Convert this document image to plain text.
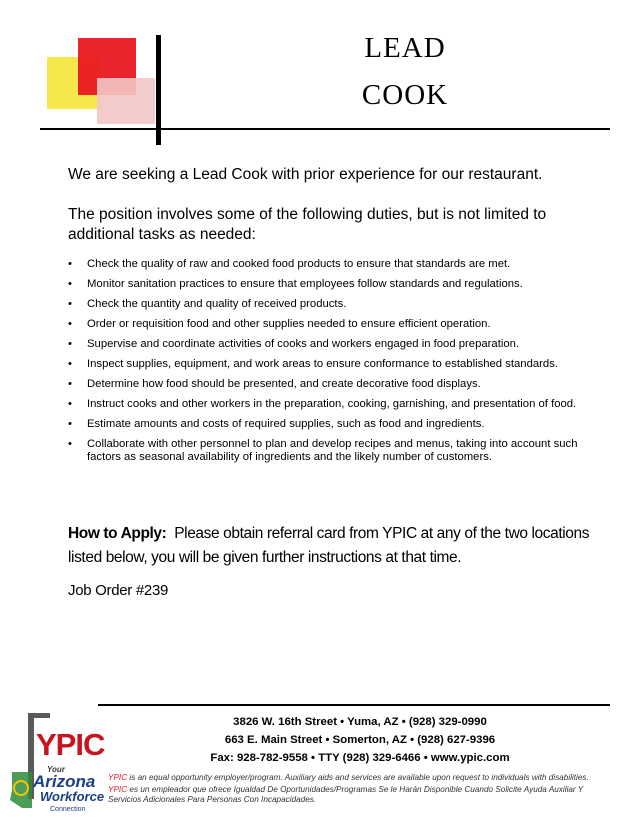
LEAD
COOK
We are seeking a Lead Cook with prior experience for our restaurant.
The position involves some of the following duties, but is not limited to additional tasks as needed:
• Check the quality of raw and cooked food products to ensure that standards are met.
• Monitor sanitation practices to ensure that employees follow standards and regulations.
• Check the quantity and quality of received products.
• Order or requisition food and other supplies needed to ensure efficient operation.
• Supervise and coordinate activities of cooks and workers engaged in food preparation.
• Inspect supplies, equipment, and work areas to ensure conformance to established standards.
• Determine how food should be presented, and create decorative food displays.
• Instruct cooks and other workers in the preparation, cooking, garnishing, and presentation of food.
• Estimate amounts and costs of required supplies, such as food and ingredients.
• Collaborate with other personnel to plan and develop recipes and menus, taking into account such factors as seasonal availability of ingredients and the likely number of customers.
How to Apply: Please obtain referral card from YPIC at any of the two locations listed below, you will be given further instructions at that time.
Job Order #239
3826 W. 16th Street • Yuma, AZ • (928) 329-0990
663 E. Main Street • Somerton, AZ • (928) 627-9396
Fax: 928-782-9558 • TTY (928) 329-6466 • www.ypic.com
YPIC is an equal opportunity employer/program. Auxiliary aids and services are available upon request to individuals with disabilities.
YPIC es un empleador que ofrece Igualdad De Oportunidades/Programas Se le Harán Disponible Cuando Solicite Ayuda Auxiliar Y Servicios Adicionales Para Personas Con Incapacidades.
YPIC
Your
Arizona
Workforce
Connection
